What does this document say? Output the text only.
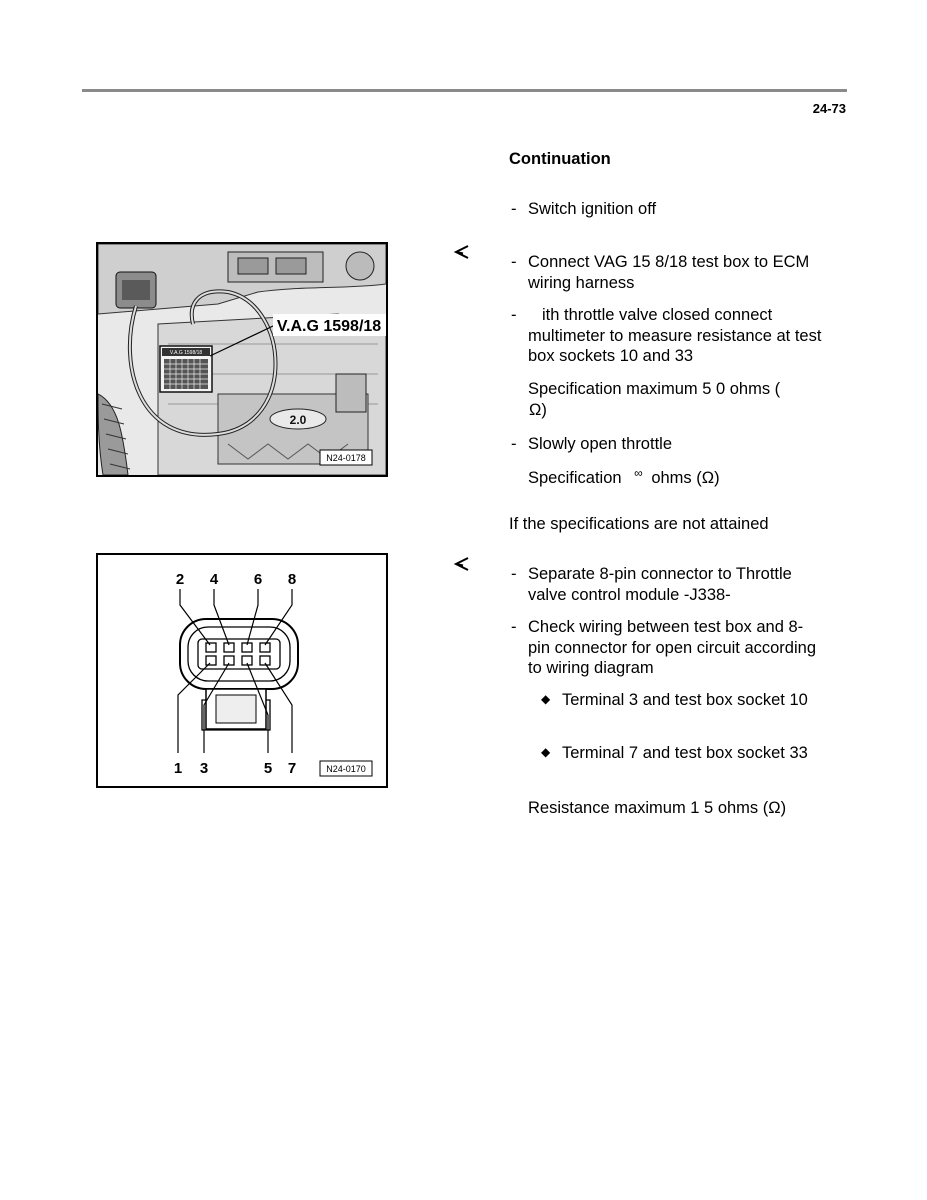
24-73
Continuation
- Switch ignition off
- Connect VAG 15 8/18 test box to ECM wiring harness
-	ith throttle valve closed connect multimeter to measure resistance at test box sockets 10 and 33
Specification maximum 5 0 ohms (
Ω)
- Slowly open throttle
Specification ∞ ohms (Ω)
If the specifications are not attained
- Separate 8-pin connector to Throttle valve control module -J338-
- Check wiring between test box and 8-pin connector for open circuit according to wiring diagram
◆ Terminal 3 and test box socket 10
◆ Terminal 7 and test box socket 33
Resistance maximum 1 5 ohms (Ω)
V.A.G 1598/18
2.0
V.A.G 1598/18
N24-0178
2 4 6 8
1 3	5 7	N24-0170
